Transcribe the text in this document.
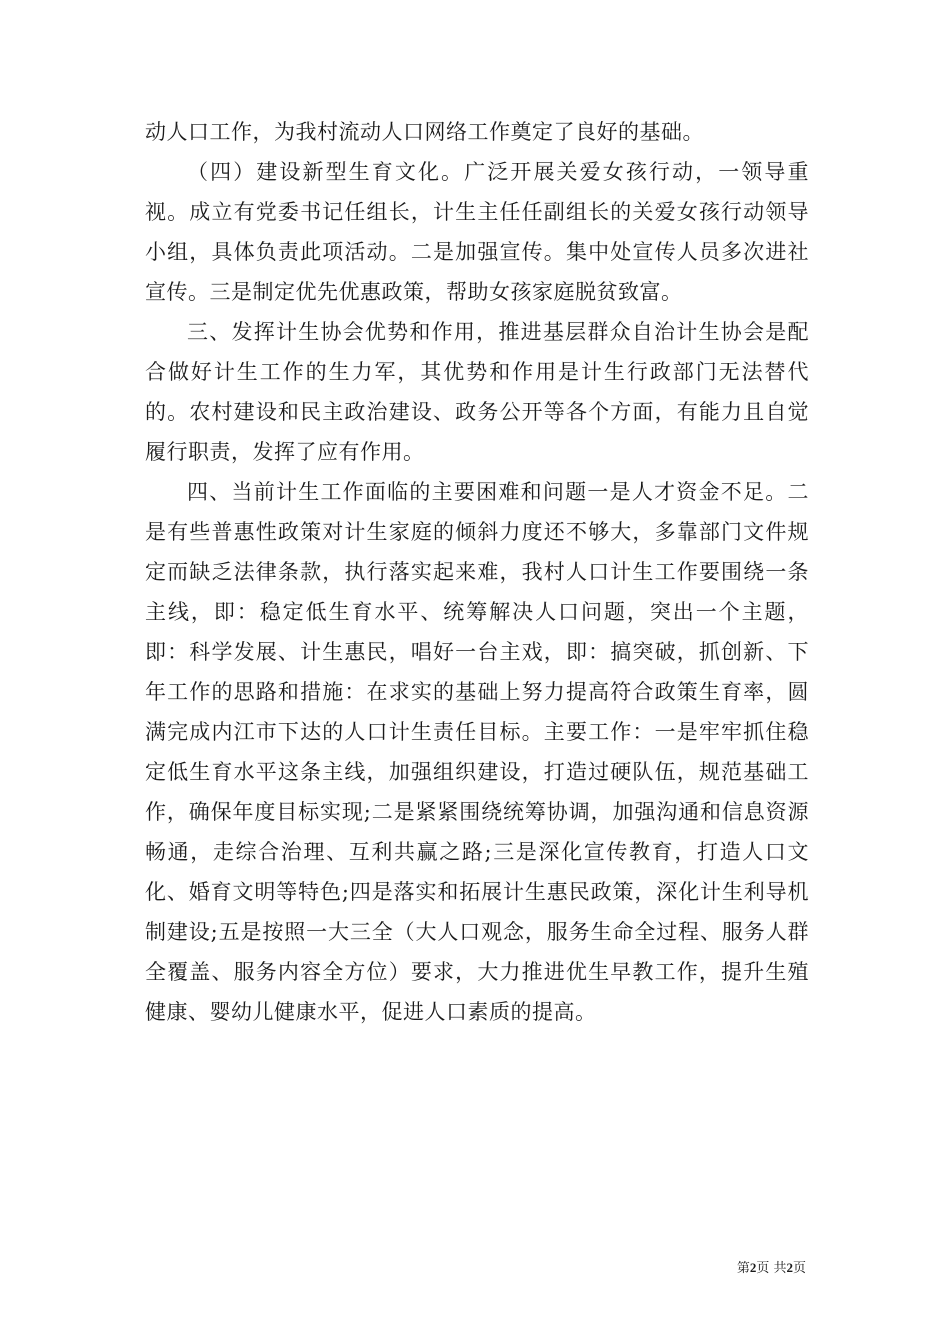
动人口工作，为我村流动人口网络工作奠定了良好的基础。

（四）建设新型生育文化。广泛开展关爱女孩行动，一领导重视。成立有党委书记任组长，计生主任任副组长的关爱女孩行动领导小组，具体负责此项活动。二是加强宣传。集中处宣传人员多次进社宣传。三是制定优先优惠政策，帮助女孩家庭脱贫致富。

三、发挥计生协会优势和作用，推进基层群众自治计生协会是配合做好计生工作的生力军，其优势和作用是计生行政部门无法替代的。农村建设和民主政治建设、政务公开等各个方面，有能力且自觉履行职责，发挥了应有作用。

四、当前计生工作面临的主要困难和问题一是人才资金不足。二是有些普惠性政策对计生家庭的倾斜力度还不够大，多靠部门文件规定而缺乏法律条款，执行落实起来难，我村人口计生工作要围绕一条主线，即：稳定低生育水平、统筹解决人口问题，突出一个主题，即：科学发展、计生惠民，唱好一台主戏，即：搞突破，抓创新、下年工作的思路和措施：在求实的基础上努力提高符合政策生育率，圆满完成内江市下达的人口计生责任目标。主要工作：一是牢牢抓住稳定低生育水平这条主线，加强组织建设，打造过硬队伍，规范基础工作，确保年度目标实现;二是紧紧围绕统筹协调，加强沟通和信息资源畅通，走综合治理、互利共赢之路;三是深化宣传教育，打造人口文化、婚育文明等特色;四是落实和拓展计生惠民政策，深化计生利导机制建设;五是按照一大三全（大人口观念，服务生命全过程、服务人群全覆盖、服务内容全方位）要求，大力推进优生早教工作，提升生殖健康、婴幼儿健康水平，促进人口素质的提高。

第2页 共2页
